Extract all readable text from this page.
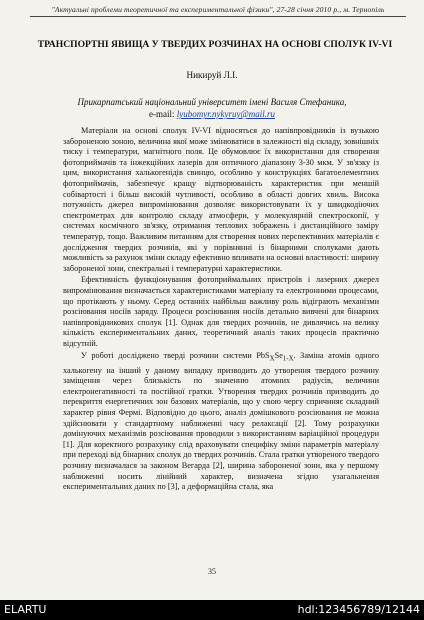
"Актуальні проблеми теоретичної та експериментальної фізики", 27-28 січня 2010 р., м. Тернопіль
ТРАНСПОРТНІ ЯВИЩА У ТВЕРДИХ РОЗЧИНАХ НА ОСНОВІ СПОЛУК IV-VI
Никируй Л.І.
Прикарпатський національний університет імені Василя Стефаника,
e-mail: lyubomyr.nykyruy@mail.ru

Матеріали на основі сполук IV-VI відносяться до напівпровідників із вузькою забороненою зоною, величина якої може змінюватися в залежності від складу, зовнішніх тиску і температури, магнітного поля. Це обумовлює їх використання для створення фотоприймачів та інжекційних лазерів для оптичного діапазону 3-30 мкм. У зв'язку із цим, використання халькогенідів свинцю, особливо у конструкціях багатоелементних фотоприймачів, забезпечує кращу відтворюваність характеристик при меншій собівартості і більш високій чутливості, особливо в області довгих хвиль. Висока потужність джерел випромінювання дозволяє використовувати їх у швидкодіючих спектрометрах для контролю складу атмосфери, у молекулярній спектроскопії, у системах космічного зв'язку, отримання теплових зображень і дистанційного заміру температур, тощо. Важливим питанням для створення нових перспективних матеріалів є дослідження твердих розчинів, які у порівнянні із бінарними сполуками дають можливість за рахунок зміни складу ефективно впливати на основні властивості: ширину забороненої зони, спектральні і температурні характеристики.

Ефективність функціонування фотоприймальних пристроїв і лазерних джерел випромінювання визначається характеристиками матеріалу та електронними процесами, що протікають у ньому. Серед останніх найбільш важливу роль відіграють механізми розсіювання носіїв заряду. Процеси розсіювання носіїв детально вивчені для бінарних напівпровідникових сполук [1]. Однак для твердих розчинів, не дивлячись на велику кількість експериментальних даних, теоретичний аналіз таких процесів практично відсутній.

У роботі досліджено тверді розчини системи $PbS_XSe_{1-X}$. Заміна атомів одного халькогену на інший у даному випадку призводить до утворення твердого розчину заміщення через близькість по значенню атомних радіусів, величини електронегативності та постійної гратки. Утворення твердих розчинів призводить до перекриття енергетичних зон базових матеріалів, що у свою чергу спричиняє складний характер рівня Фермі. Відповідно до цього, аналіз домішкового розсіювання не можна здійснювати у стандартному наближенні часу релаксації [2]. Тому розрахунки домінуючих механізмів розсіювання проводили з використанням варіаційної процедури [1]. Для коректного розрахунку слід враховувати специфіку зміни параметрів матеріалу при переході від бінарних сполук до твердих розчинів. Стала гратки утвореного твердого розчину визначалася за законом Вегарда [2], ширина забороненої зони, яка у першому наближенні носить лінійний характер, визначена згідно узагальнення експериментальних даних по [3], а деформаційна стала, яка

35
ELARTU	hdl:123456789/12144
